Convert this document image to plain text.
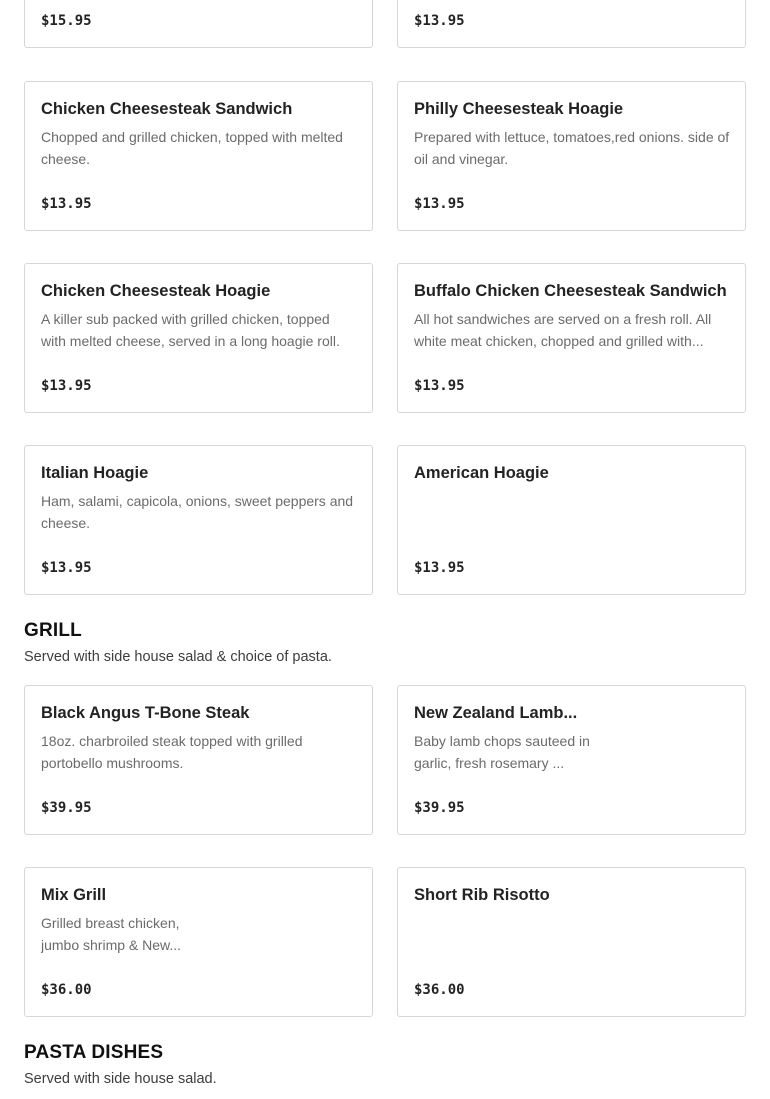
$15.95	$13.95
Chicken Cheesesteak Sandwich
Chopped and grilled chicken, topped with melted cheese.
$13.95
Philly Cheesesteak Hoagie
Prepared with lettuce, tomatoes,red onions. side of oil and vinegar.
$13.95
Chicken Cheesesteak Hoagie
A killer sub packed with grilled chicken, topped with melted cheese, served in a long hoagie roll.
$13.95
Buffalo Chicken Cheesesteak Sandwich
All hot sandwiches are served on a fresh roll. All white meat chicken, chopped and grilled with...
$13.95
Italian Hoagie
Ham, salami, capicola, onions, sweet peppers and cheese.
$13.95
American Hoagie
$13.95
GRILL
Served with side house salad & choice of pasta.
Black Angus T-Bone Steak
18oz. charbroiled steak topped with grilled portobello mushrooms.
$39.95
New Zealand Lamb...
Baby lamb chops sauteed in garlic, fresh rosemary ...
$39.95
Mix Grill
Grilled breast chicken, jumbo shrimp & New...
$36.00
Short Rib Risotto
$36.00
PASTA DISHES
Served with side house salad.
